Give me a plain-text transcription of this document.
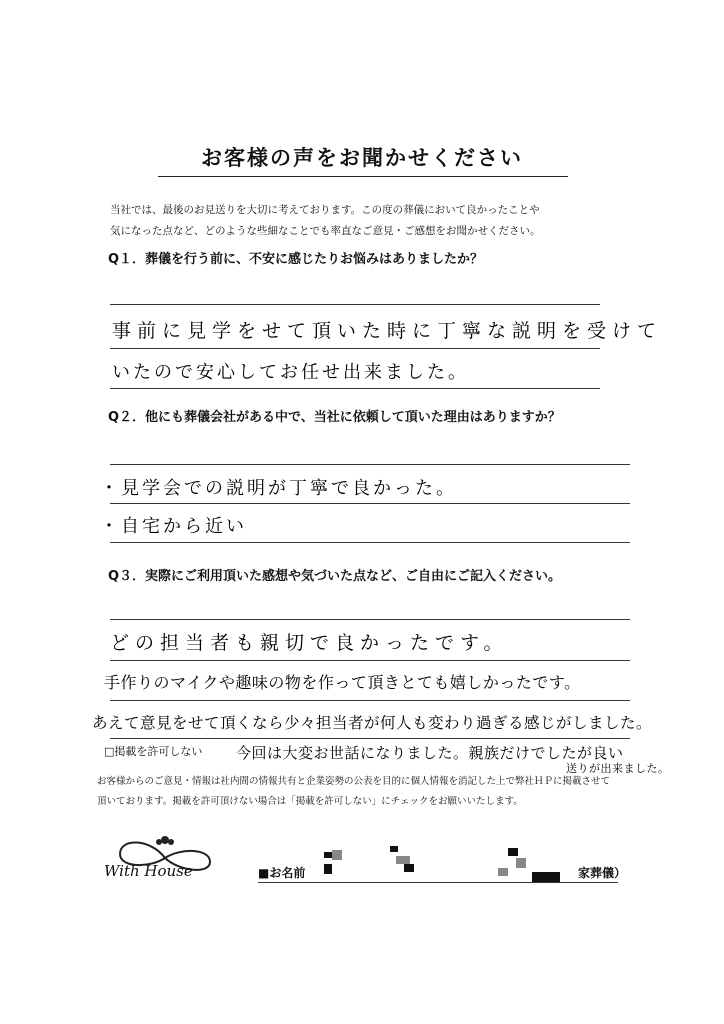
お客様の声をお聞かせください
当社では、最後のお見送りを大切に考えております。この度の葬儀において良かったことや
気になった点など、どのような些細なことでも率直なご意見・ご感想をお聞かせください。
Q１．葬儀を行う前に、不安に感じたりお悩みはありましたか？
事前に見学をせて頂いた時に丁寧な説明を受けて
いたので安心してお任せ出来ました。
Q２．他にも葬儀会社がある中で、当社に依頼して頂いた理由はありますか？
・見学会での説明が丁寧で良かった。
・自宅から近い
Q３．実際にご利用頂いた感想や気づいた点など、ご自由にご記入ください。
どの担当者も親切で良かったです。
手作りのマイクや趣味の物を作って頂きとても嬉しかったです。
あえて意見をせて頂くなら少々担当者が何人も変わり過ぎる感じがしました。
今回は大変お世話になりました。親族だけでしたが良い
送りが出来ました。
□掲載を許可しない
お客様からのご意見・情報は社内間の情報共有と企業姿勢の公表を目的に個人情報を消記した上で弊社ＨＰに掲載させて
頂いております。掲載を許可頂けない場合は「掲載を許可しない」にチェックをお願いいたします。
With House	■お名前	家葬儀）
